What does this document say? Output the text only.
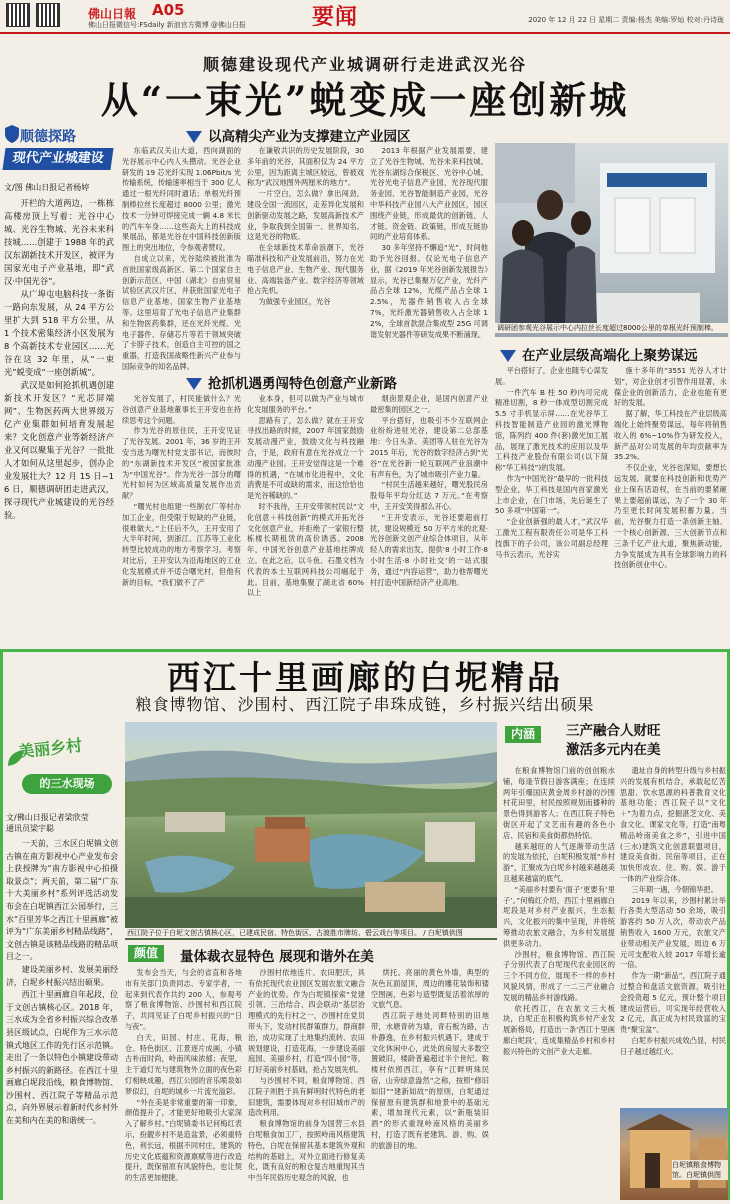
佛山日報 A05
佛山日报微信号:FSdaily 新浪官方微博 @佛山日报	要闻	2020 年 12 月 22 日 星期二 责编:杨杰 美编:罗灿 校对:丹诗珑
顺德建设现代产业城调研行走进武汉光谷
从“一束光”蜕变成一座创新城
顺德探路
现代产业城建设
文/图 佛山日报记者杨婷

开栏的大道两边，一栋栋高楼房顶上写着：光谷中心城、光谷生物城、光谷未来科技城……创建于 1988 年的武汉东湖新技术开发区，被评为国家光电子产业基地，即“武汉·中国光谷”。

从广埠屯电脑科技一条街一路向东发展，从 24 平方公里扩大到 518 平方公里，从 1 个技术密集经济小区发展为 8 个高新技术专业园区……光谷在这 32 年里，从“一束光”蜕变成“一座创新城”。

武汉是如何抢抓机遇创建新技术开发区？“光芯屏端网”、生物医药两大世界级万亿产业集群如何培育发展起来？文化创意产业等新经济产业又何以聚集于光谷？一批批人才如何从这里起步，创办企业发展壮大？12 月 15 日~16 日，顺德调研团走进武汉，探寻现代产业城建设的光谷经验。

以高精尖产业为支撑建立产业园区

东临武汉关山大道，西向湖面的光谷展示中心内人头攒动。光谷企业研发的 19 芯光纤实现 1.06Pbit/s 光传输系统，传输速率相当于 300 亿人通过一根光纤同时通话；单根光纤预制棒拉丝长度超过 8000 公里；激光技术一分钟可焊接完成一辆 4.8 米长的汽车车身……这些高大上的科技成果展品，都是光谷在中国科技创新版图上的突出地位，令参观者赞叹。

自成立以来，光谷陆续被批准为首批国家级高新区、第二个国家自主创新示范区、中国（湖北）自由贸易试验区武汉片区，并获批国家光电子信息产业基地、国家生物产业基地等。这里培育了光电子信息产业集群和生物医药集群，还在光纤光缆、光电子器件、存储芯片等若干领域突破了卡脖子技术，创造自主可控的国之重器，打造我国战略性新兴产业参与国际竞争的知名品牌。

在谦敬共识的历史发展阶段，30 多年前的光谷，其面积仅为 24 平方公里，因为距离主城区较远，曾被戏称为“武汉地图外两厘米的地方”。

一片空白，怎么做？拿出闯劲，建设全国一流园区，走差异化发展和创新驱动发展之路，发展高新技术产业，争取我到全国第一、世界知名。这是光谷的物底。

在全球新技术革命浪潮下，光谷瞄准科技和产业发展前沿，努力在光电子信息产业、生物产业、现代服务业、高端装备产业、数字经济等领域抢占先机。

为做强专业园区，光谷

2013 年根据产业发展需要，建立了光谷生物城、光谷未来科技城、光谷东湖综合保税区、光谷中心城、光谷光电子信息产业园，光谷现代服务业园、光谷智能制造产业园，光谷中华科技产业园八大产业园区，园区围绕产业链，形成最优的创新链、人才链、资金链、政策链，形成互链协同的产业培育体系。

30 多年坚持不懈追“光”，时间他助予光谷回报。仅论光电子信息产业，据《2019 年光谷创新发展报告》显示，光谷已集聚万亿产业，光纤产品占全球 12%，光缆产品占全球 12.5%，光器件销售收入占全球 7%，光纤激光器销售收入占全球 12%，全球首款混合集成型 25G 可调谐发射光器件等研发成果不断涌现。

调研团参观光谷展示中心内拉丝长度超过8000公里的单根光纤预制棒。
抢抓机遇勇闯特色创意产业新路
在产业层级高端化上聚势谋远

光谷发展了，村民能做什么？光谷创意产业基地董事长王开安也在持续思考这个问题。

作为光谷的原住民，王开安见证了光谷发展。2001 年，36 岁的王开安当选为曙光村党支部书记，而彼时的“东湖新技术开发区”被国家批准为“中国光谷”。作为光谷一部分的曙光村如何为区域高质量发展作出贡献？

“曙光村也组建一些制衣厂等村办加工企业，但受限于短缺的产业链，很难做大。”上任后不久，王开安用了大半年时间，到浙江、江苏等工业化转型比较成功的地方考察学习。考察对比后，王开安认为沿海地区的工业化发展模式并不适合曙光村，但他有新的目标，“我们做不了产

业本身，但可以做为产业与城市化发展服务的平台。”

思路有了，怎么做？就在王开安寻找出路的时候，2007 年国家鼓励发展动漫产业，鼓励文化与科技融合，于是，政府有意在光谷成立一个动漫产业园。王开安觉得这是一个难得的机遇，“在城市化进程中，文化消费是不可或缺的需求，而这恰恰也是光谷稀缺的。”

时不我待，王开安带领村民以“文化创意＋科技创新”的模式开拓光谷文化创意产业，并拒绝了一家银行整栋楼长期租赁的高价诱惑。2008 年，中国光谷创意产业基地挂牌成立。在此之后，以斗鱼、石墨文档为代表的本土互联网科技公司崛起于此。目前，基地集聚了湖北省 60%以上

烟囱景观企业，是国内创意产业最密集的园区之一。

平台搭好，也吸引不少互联网企业纷纷进驻光谷，建设第二总部基地：今日头条、美团等人驻在光谷为 2015 年后，光谷的数字经济占到“光谷”在光谷新一轮互联网产业浪潮中有声有色，为了城市吸引产业力量。

“村民生活越来越好，曙光股民房股每年平均分红达 7 万元。”在考察中，王开安笑得那么开心。

“王开安表示，光谷还要超前打扰，建设规模近 50 万平方米的北观·光谷创新文创产业综合体项目，从年轻人的需求出发，提供‘8 小时工作·8 小时生活·8 小时社交’的一站式服务，通过“内容运营”，助力他帮曙光村打造中国新经济产业高地。

平台搭好了，企业也随专心谋发展。

一件汽车 B 柱 50 秒内可完成精准切割，8 秒一体成型切割完成 5.5 寸手机显示屏……在光谷华工科技智能制造产业园的激光博物馆，陈列约 400 件(套)激光加工展品，展现了激光技术的应用以及华工科技产业股份有限公司(以下简称“华工科技”)的发展。

作为“中国光谷”最早的一批科技型企业，华工科技是国内首家激光上市企业，在门市场，先后诞生了 50 多项“中国第一”。

“企业创新强的最人才，”武汉华工激光工程有限责任公司是华工科技旗下的子公司，该公司副总经理马书云表示，光谷实

施十多年的“3551 光谷人才计划”，对企业创才引智作用显著，永葆企业的创新活力，企业也能有更好的发展。

据了解，华工科技在产业层级高端化上始终聚势谋远，每年将销售收入的 6%~10%作为研发投入，新产品对公司发展的年均贡献率为 35.2%。

不仅企业，光谷也深知，要想长远发展，就要在科技创新和优势产业上保有话语权，在当前的要紧砸果上要超前谋远，为了一个 30 年乃至更长时间发展积蓄力量。当前，光谷聚力打造一条创新主轴、一个核心创新源、三大创新节点和三条千亿产业大道，聚焦新动能，力争发展成为具有全球影响力的科技创新创业中心。

西江十里画廊的白坭精品
粮食博物馆、沙围村、西江院子串珠成链，乡村振兴结出硕果
美丽乡村
的三水现场
文/佛山日报记者梁欣莹
通讯员梁宇聪

一天前，三水区白坭镇文创古镇在南方影视中心产业发布会上获授牌为“南方影视中心拍摄取景点”；两天前，第二届“广东十大美丽乡村”系列评选活动发布会在白坭镇西江公园举行，三水“百里芳华之西江十里画廊”被评为“广东美丽乡村精品线路”，文创古镇是该精品线路的精品项目之一。

建设美丽乡村、发展美丽经济，白坭乡村振兴结出硕果。

西江十里画廊自年起段，位于文创古镇核心区。2018 年，三水成为全省乡村振兴综合改革县区级试点，白坭作为三水示范镇式地区工作的先行区示范镇。走出了一条以特色小镇建设带动乡村振兴的新路径。在西江十里画廊白坭段沿线，粮食博物馆、沙围村、西江院子等精品示范点，向外界展示着新时代乡村外在美和内在美的和谐统一。

西江院子位于白坭文创古镇核心区，已建成民宿、特色街区、古渡胜市牌坊、碧云戏台等项目。 / 白坭镇供图
内涵	三产融合人财旺
激活多元内在美
颜值	量体裁衣显特色 展现和谐外在美

发布会当天，与会的省直和各地市有关部门负责同志、专家学者，一起来到代表作共约 200 人，参观考察了粮食博物馆、沙围村和西江院子，共同见证了白坭乡村振兴的“日与夜”。

白天，田园、村庄、花海，粮仓、特色街区、江景逐片成画，小镇古朴而时尚，岭南风味浓郁；夜里，主干道灯光与建筑物外立面的夜色彩灯相映成趣，西江公园的音乐喷泉如梦似幻，白坭的城乡一片流光溢彩。

“外在美是非常重要的第一印象，颜值提升了，才能更好地吸引大家深入了解乡村。”白坭镇委书记何梅红表示，扮靓乡村不是造盆景，必须重特色，利长远，根据不同村庄，建筑的历史文化底蕴和资源禀赋等进行改造提升，既保留原有风貌特色，也让契的生活更加便捷。

沙围村依地连片、农田肥沃，具有依托现代农业园区发展农旅文融合产业的优势。作为白坭镇探索“党建引领、三治结合、四会联动”基层治理模式的先行村之一，沙围村在党员带头下，发动村民群策群力，群商群治，成功实现了土地集约流转、农田规划建设，打造花海，一步建设美丽庭园、美丽乡村，打造“四小园”等，打好美丽乡村基础，抢占发展先机。

与沙围村不同，粮食博物馆、西江院子则胜于具有鲜明时代特色的老旧建筑，需要体现对乡村旧城市产的造改利用。

粮食博物馆的前身为国营三水县白坭粮食加工厂，按照岭南风格建筑特色，白坭在保留其基本建筑外观和结构的基础上，对外立面进行修复美化，既有良好的粮仓复古地重现其当中当年民俗历史观念的风貌，也

烘托。亮丽的黄色外墙，典型的灰色瓦面屋顶，周边的雕花装饰和镂空图画，色彩与造型既复活着浓厚的文旅气息。

西江院子地处河畔特别的旧地带，水塘青砖为墙，青石板为路，古朴静逸，在乡村振兴机遇下，建成于文化休闲中心，此处的房屋大多数空置破旧，楼龄普遍超过半个世纪。鞍楼村依照西江，享有“江畔明珠民宿，山旁绿意盎然”之称，按照“修旧如旧”“建新如故”的原则，白坭通过保留原有建筑群和地景中的基础元素，增加现代元素，以“新瓶装旧酒”的形式重现岭南风格的美丽乡村，打造了既有老建筑、游、购、娱的旅游目的地。

在粮食博物馆门前的创创粮水铺，每逢节假日游客满座；在连续两年引爆国庆黄金周乡村游的沙围村花田里，村民按照规划而播种的景色得到游客人；在西江院子特色街区开起了文艺而有趣的各色小店、民宿和美食街都热特惊。

越来越旺的人气逐渐带动生活的发展为依托，白坭积极发展“乡村游”，汇聚成为白坭乡村越来越越美且越来越富的底气。

“美丽乡村要有‘面子’更要有‘里子’。”何梅红介绍，西江十里画廊白坭段是对乡村产业振兴，生态振兴，文化振兴的集中呈现，并将统筹推动农旅文融合，为乡村发展提供更多动力。

沙围村，粮食博物馆、西江院子分别代表了白坭现代农业园区的三个不同方位，展现不一样的乡村风貌风情，形成了一二三产业融合发展的精品乡村游线路。

依托西江，在农旅文三大板块，白坭正在积极构筑乡村产业发展新格局，打造出一条‘西江十里画廊白坭段’，连成集精品乡村和乡村振兴特色的文创产业大走廊。

遗址自身的转型升级与乡村振兴的发展有机结合，承载起忆苦思甜、饮水思源的科普教育文化基地功能；西江院子以“文化＋”为着力点，挖掘湛芝文化、美食文化、课家文化等，打造“南粤精品岭南美食之乡”，引进中国(三水)建筑文化创意联盟项目，建设美食街、民宿等项目，正在加快形成农、住、购、娱、游于一体的产业综合体。

三年期一遇，今朝锦华把。

2019 年以来，沙围村累计举行各类大型活动 50 余场，吸引游客约 50 万人次，带动农产品销售收入 1600 万元，农旅文产业带动相关产业发展，周边 6 万元可支配收入较 2017 年增长逾一倍。

作为一期“新品”，西江院子通过整合和盘活文旅资源，吸引社会投资超 5 亿元，预计整个项目建成运营后，可实现年经营收入 2 亿元，真正成为村民致富的宝贵“聚宝盆”。

白坭乡村振兴成效凸显，村民日子越过越红火。

白坭镇粮食博物馆。白坭镇供图
